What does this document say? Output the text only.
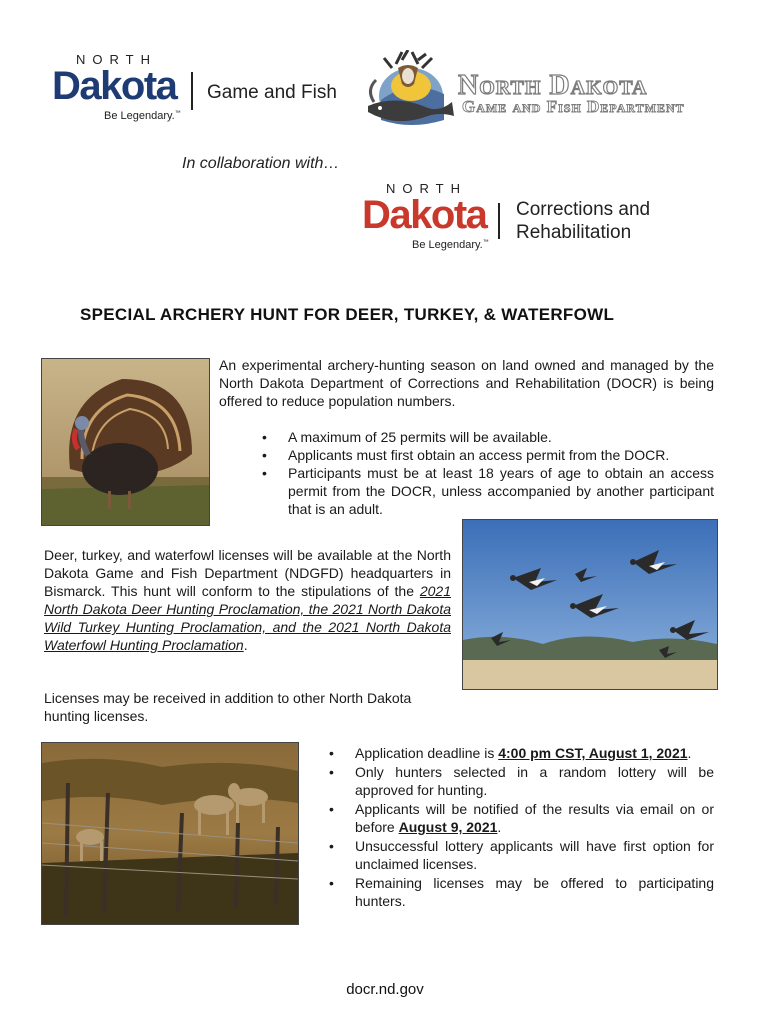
NORTH
Dakota
Be Legendary.™
Game and Fish	North Dakota
Game and Fish Department
In collaboration with…
NORTH
Dakota
Be Legendary.™
Corrections and
Rehabilitation
SPECIAL ARCHERY HUNT FOR DEER, TURKEY, & WATERFOWL
An experimental archery-hunting season on land owned and managed by the North Dakota Department of Corrections and Rehabilitation (DOCR) is being offered to reduce population numbers.
• A maximum of 25 permits will be available.
• Applicants must first obtain an access permit from the DOCR.
• Participants must be at least 18 years of age to obtain an access permit from the DOCR, unless accompanied by another participant that is an adult.
Deer, turkey, and waterfowl licenses will be available at the North Dakota Game and Fish Department (NDGFD) headquarters in Bismarck. This hunt will conform to the stipulations of the 2021 North Dakota Deer Hunting Proclamation, the 2021 North Dakota Wild Turkey Hunting Proclamation, and the 2021 North Dakota Waterfowl Hunting Proclamation.
Licenses may be received in addition to other North Dakota hunting licenses.
• Application deadline is 4:00 pm CST, August 1, 2021.
• Only hunters selected in a random lottery will be approved for hunting.
• Applicants will be notified of the results via email on or before August 9, 2021.
• Unsuccessful lottery applicants will have first option for unclaimed licenses.
• Remaining licenses may be offered to participating hunters.
docr.nd.gov
